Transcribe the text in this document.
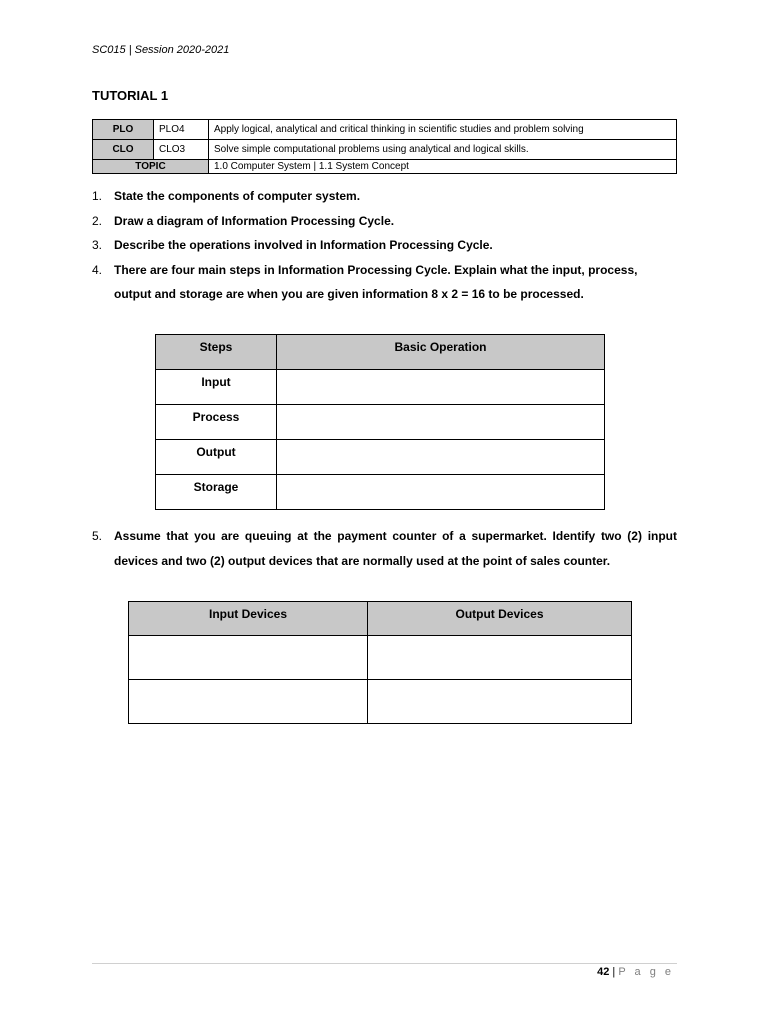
SC015 | Session 2020-2021
TUTORIAL 1
PLO	PLO4	Apply logical, analytical and critical thinking in scientific studies and problem solving
CLO	CLO3	Solve simple computational problems using analytical and logical skills.
TOPIC		1.0 Computer System | 1.1 System Concept
1. State the components of computer system.
2. Draw a diagram of Information Processing Cycle.
3. Describe the operations involved in Information Processing Cycle.
4. There are four main steps in Information Processing Cycle. Explain what the input, process, output and storage are when you are given information 8 x 2 = 16 to be processed.
Steps	Basic Operation
Input	
Process	
Output	
Storage	
5. Assume that you are queuing at the payment counter of a supermarket. Identify two (2) input devices and two (2) output devices that are normally used at the point of sales counter.
Input Devices	Output Devices

42 | P a g e
